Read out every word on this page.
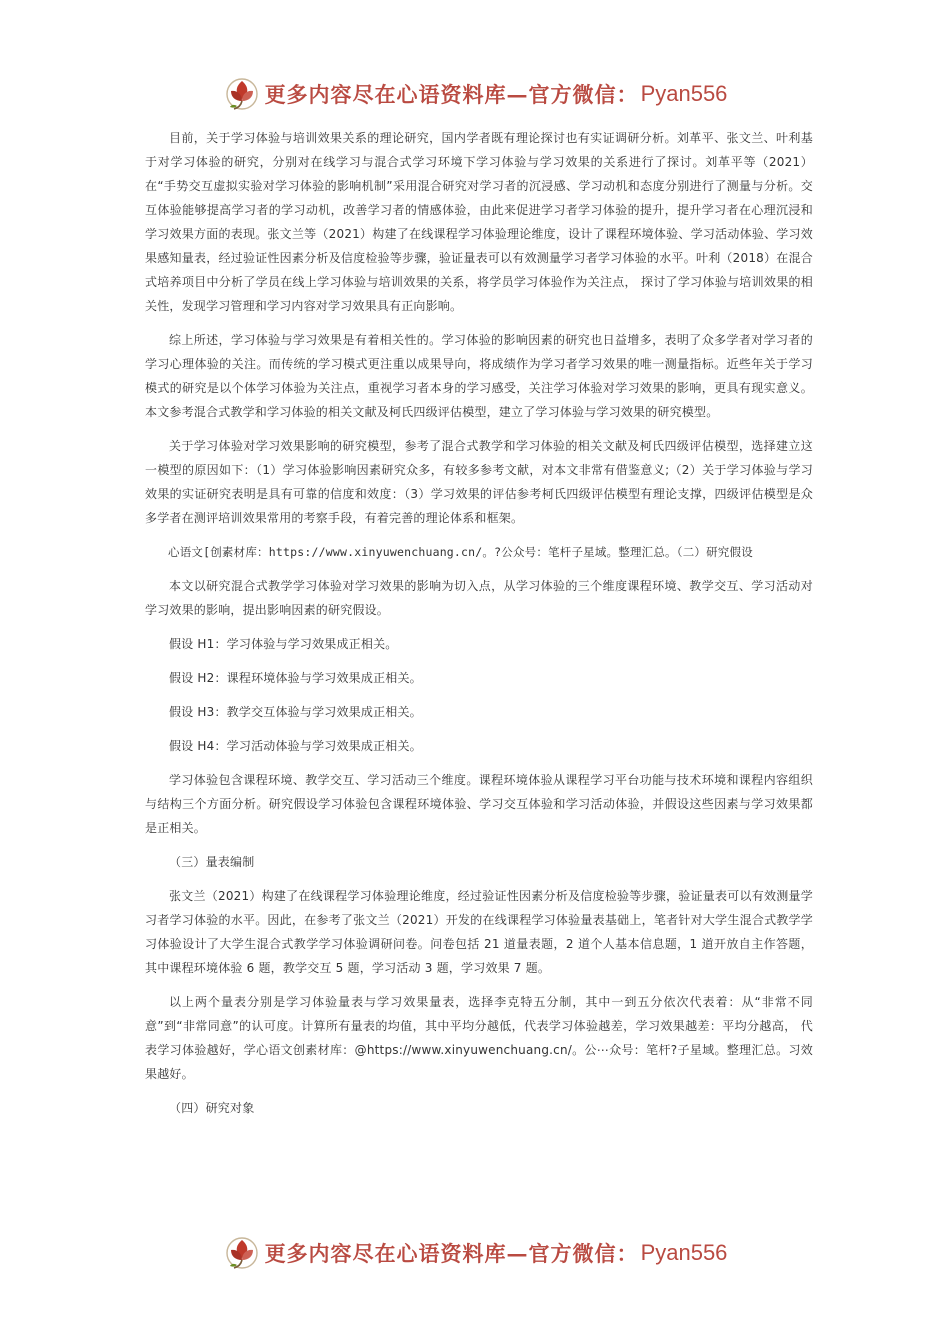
更多内容尽在心语资料库—官方微信： Pyan556

目前，关于学习体验与培训效果关系的理论研究，国内学者既有理论探讨也有实证调研分析。刘革平、张文兰、叶利基于对学习体验的研究，分别对在线学习与混合式学习环境下学习体验与学习效果的关系进行了探讨。刘革平等（2021）在“手势交互虚拟实验对学习体验的影响机制”采用混合研究对学习者的沉浸感、学习动机和态度分别进行了测量与分析。交互体验能够提高学习者的学习动机，改善学习者的情感体验，由此来促进学习者学习体验的提升，提升学习者在心理沉浸和学习效果方面的表现。张文兰等（2021）构建了在线课程学习体验理论维度，设计了课程环境体验、学习活动体验、学习效果感知量表，经过验证性因素分析及信度检验等步骤，验证量表可以有效测量学习者学习体验的水平。叶利（2018）在混合式培养项目中分析了学员在线上学习体验与培训效果的关系，将学员学习体验作为关注点， 探讨了学习体验与培训效果的相关性，发现学习管理和学习内容对学习效果具有正向影响。

综上所述，学习体验与学习效果是有着相关性的。学习体验的影响因素的研究也日益增多，表明了众多学者对学习者的学习心理体验的关注。而传统的学习模式更注重以成果导向，将成绩作为学习者学习效果的唯一测量指标。近些年关于学习模式的研究是以个体学习体验为关注点，重视学习者本身的学习感受，关注学习体验对学习效果的影响，更具有现实意义。本文参考混合式教学和学习体验的相关文献及柯氏四级评估模型，建立了学习体验与学习效果的研究模型。

关于学习体验对学习效果影响的研究模型，参考了混合式教学和学习体验的相关文献及柯氏四级评估模型，选择建立这一模型的原因如下：（1）学习体验影响因素研究众多，有较多参考文献，对本文非常有借鉴意义;（2）关于学习体验与学习效果的实证研究表明是具有可靠的信度和效度：（3）学习效果的评估参考柯氏四级评估模型有理论支撑，四级评估模型是众多学者在测评培训效果常用的考察手段，有着完善的理论体系和框架。

心语文[创素材库：https://www.xinyuwenchuang.cn/。?公众号：笔杆子星域。整理汇总。（二）研究假设

本文以研究混合式教学学习体验对学习效果的影响为切入点，从学习体验的三个维度课程环境、教学交互、学习活动对学习效果的影响，提出影响因素的研究假设。

假设 H1：学习体验与学习效果成正相关。

假设 H2：课程环境体验与学习效果成正相关。

假设 H3：教学交互体验与学习效果成正相关。

假设 H4：学习活动体验与学习效果成正相关。

学习体验包含课程环境、教学交互、学习活动三个维度。课程环境体验从课程学习平台功能与技术环境和课程内容组织与结构三个方面分析。研究假设学习体验包含课程环境体验、学习交互体验和学习活动体验，并假设这些因素与学习效果都是正相关。

（三）量表编制

张文兰（2021）构建了在线课程学习体验理论维度，经过验证性因素分析及信度检验等步骤，验证量表可以有效测量学习者学习体验的水平。因此，在参考了张文兰（2021）开发的在线课程学习体验量表基础上，笔者针对大学生混合式教学学习体验设计了大学生混合式教学学习体验调研问卷。问卷包括 21 道量表题，2 道个人基本信息题，1 道开放自主作答题，其中课程环境体验 6 题，教学交互 5 题，学习活动 3 题，学习效果 7 题。

以上两个量表分别是学习体验量表与学习效果量表，选择李克特五分制，其中一到五分依次代表着：从“非常不同意”到“非常同意”的认可度。计算所有量表的均值，其中平均分越低，代表学习体验越差，学习效果越差：平均分越高， 代表学习体验越好，学心语文创素材库：@https://www.xinyuwenchuang.cn/。公⋯众号：笔杆?子星域。整理汇总。习效果越好。

（四）研究对象

更多内容尽在心语资料库—官方微信： Pyan556
